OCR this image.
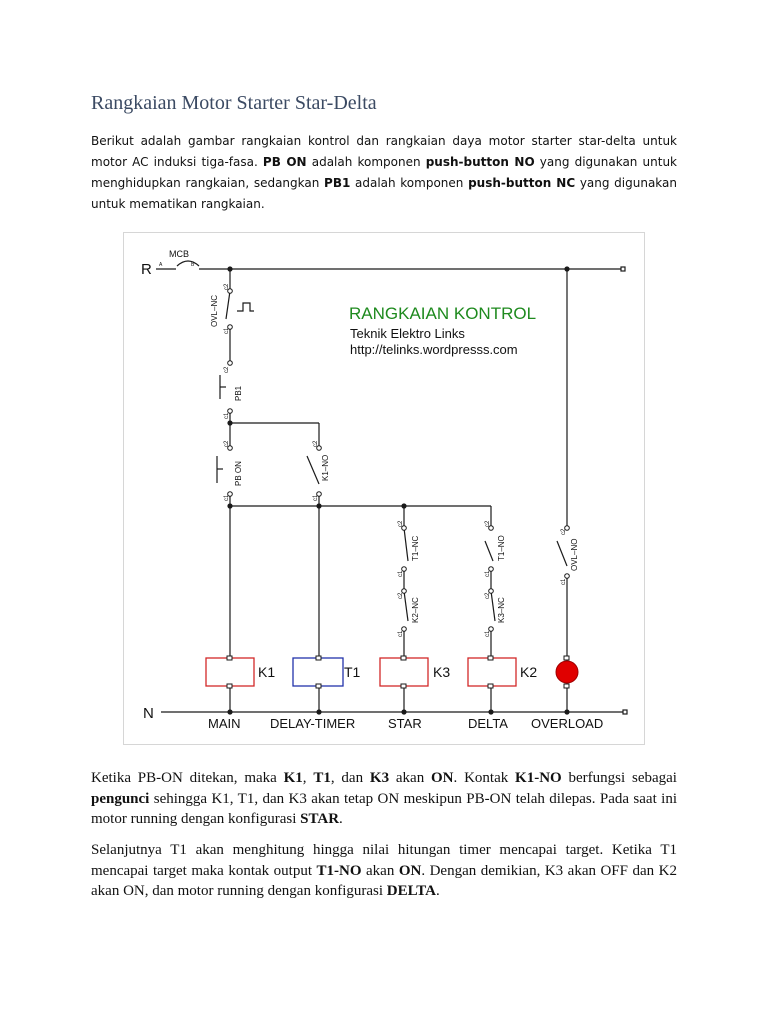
Rangkaian Motor Starter Star-Delta
Berikut adalah gambar rangkaian kontrol dan rangkaian daya motor starter star-delta untuk motor AC induksi tiga-fasa. PB ON adalah komponen push-button NO yang digunakan untuk menghidupkan rangkaian, sedangkan PB1 adalah komponen push-button NC yang digunakan untuk mematikan rangkaian.
R
N
MCB
A	B
RANGKAIAN KONTROL
Teknik Elektro Links
http://telinks.wordpresss.com
OVL–NC
PB1
PB ON	K1–NO
T1–NC
K2–NC
T1–NO
K3–NC
OVL–NO
c2
c1
c2
c1
c2
c1
c2
c1
c2
c1
c2
c1
c2
c1
c2
c1
c2
c1
K1	T1	K3	K2
MAIN DELAY-TIMER	STAR	DELTA OVERLOAD
Ketika PB-ON ditekan, maka K1, T1, dan K3 akan ON. Kontak K1-NO berfungsi sebagai pengunci sehingga K1, T1, dan K3 akan tetap ON meskipun PB-ON telah dilepas. Pada saat ini motor running dengan konfigurasi STAR.
Selanjutnya T1 akan menghitung hingga nilai hitungan timer mencapai target. Ketika T1 mencapai target maka kontak output T1-NO akan ON. Dengan demikian, K3 akan OFF dan K2 akan ON, dan motor running dengan konfigurasi DELTA.
